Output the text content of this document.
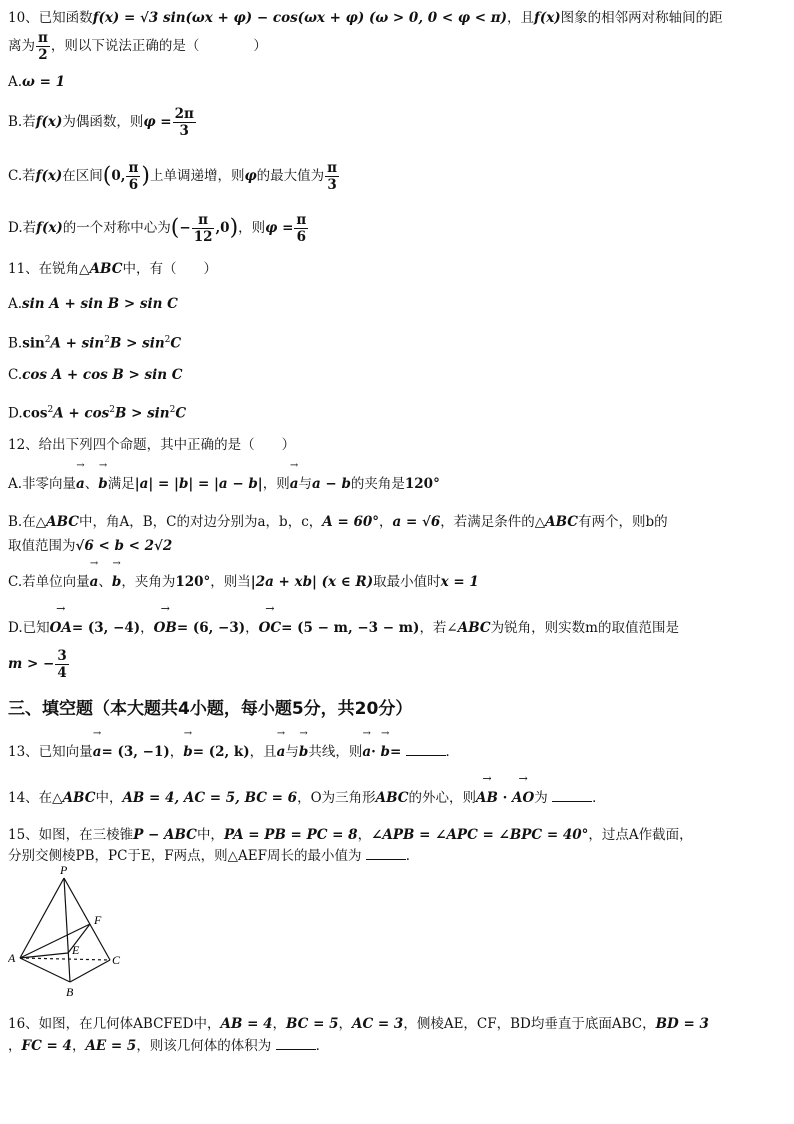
10、已知函数f(x) = √3 sin(ωx + φ) − cos(ωx + φ) (ω > 0, 0 < φ < π)，且f(x)图象的相邻两对称轴间的距
离为 $\frac{\pi}{2}$ ，则以下说法正确的是（　　　　）
A.ω = 1
B.若f(x)为偶函数，则$\varphi = \frac{2\pi}{3}$
C.若f(x)在区间(0, $\frac{\pi}{6}$ )上单调递增，则φ的最大值为 $\frac{\pi}{3}$
D.若f(x)的一个对称中心为(− $\frac{\pi}{12} ,0$)，则$\varphi = \frac{\pi}{6}$
11、在锐角△ABC中，有（　　）
A.sin A + sin B > sin C
$B.\sin^2A + \sin^2B > \sin^2C$
C.cos A + cos B > sin C
$D.\cos^2A + \cos^2B > \sin^2C$
12、给出下列四个命题，其中正确的是（　　）
A.非零向量→ a、→ b满足|a| = |b| = |a − b|，则→ a与a − b的夹角是120°
B.在△ABC中，角A，B，C的对边分别为a，b，c，A = 60°，a = √6，若满足条件的△ABC有两个，则b的
取值范围为√6 < b < 2√2
C.若单位向量→ a、→ b，夹角为120°，则当|2a + xb| (x ∈ R)取最小值时x = 1
D.已知→ OA= (3, −4)，→ OB= (6, −3)，→ OC= (5 − m, −3 − m)，若∠ABC为锐角，则实数m的取值范围是
m > − $\frac{3}{4}$
三、填空题（本大题共4小题，每小题5分，共20分）
13、已知向量→ a= (3, −1)，→ b= (2, k)，且→ a与→ b共线，则→ a· → b=	．
14、在△ABC中，AB = 4, AC = 5, BC = 6，O为三角形ABC的外心，则→ AB · → AO为	．
15、如图，在三棱锥P − ABC中，PA = PB = PC = 8，∠APB = ∠APC = ∠BPC = 40°，过点A作截面，
分别交侧棱PB，PC于E，F两点，则△AEF周长的最小值为	．
P
F
E
A	C
B
16、如图，在几何体ABCFED中，AB = 4，BC = 5，AC = 3，侧棱AE，CF，BD均垂直于底面ABC，BD = 3
，FC = 4，AE = 5，则该几何体的体积为	．
